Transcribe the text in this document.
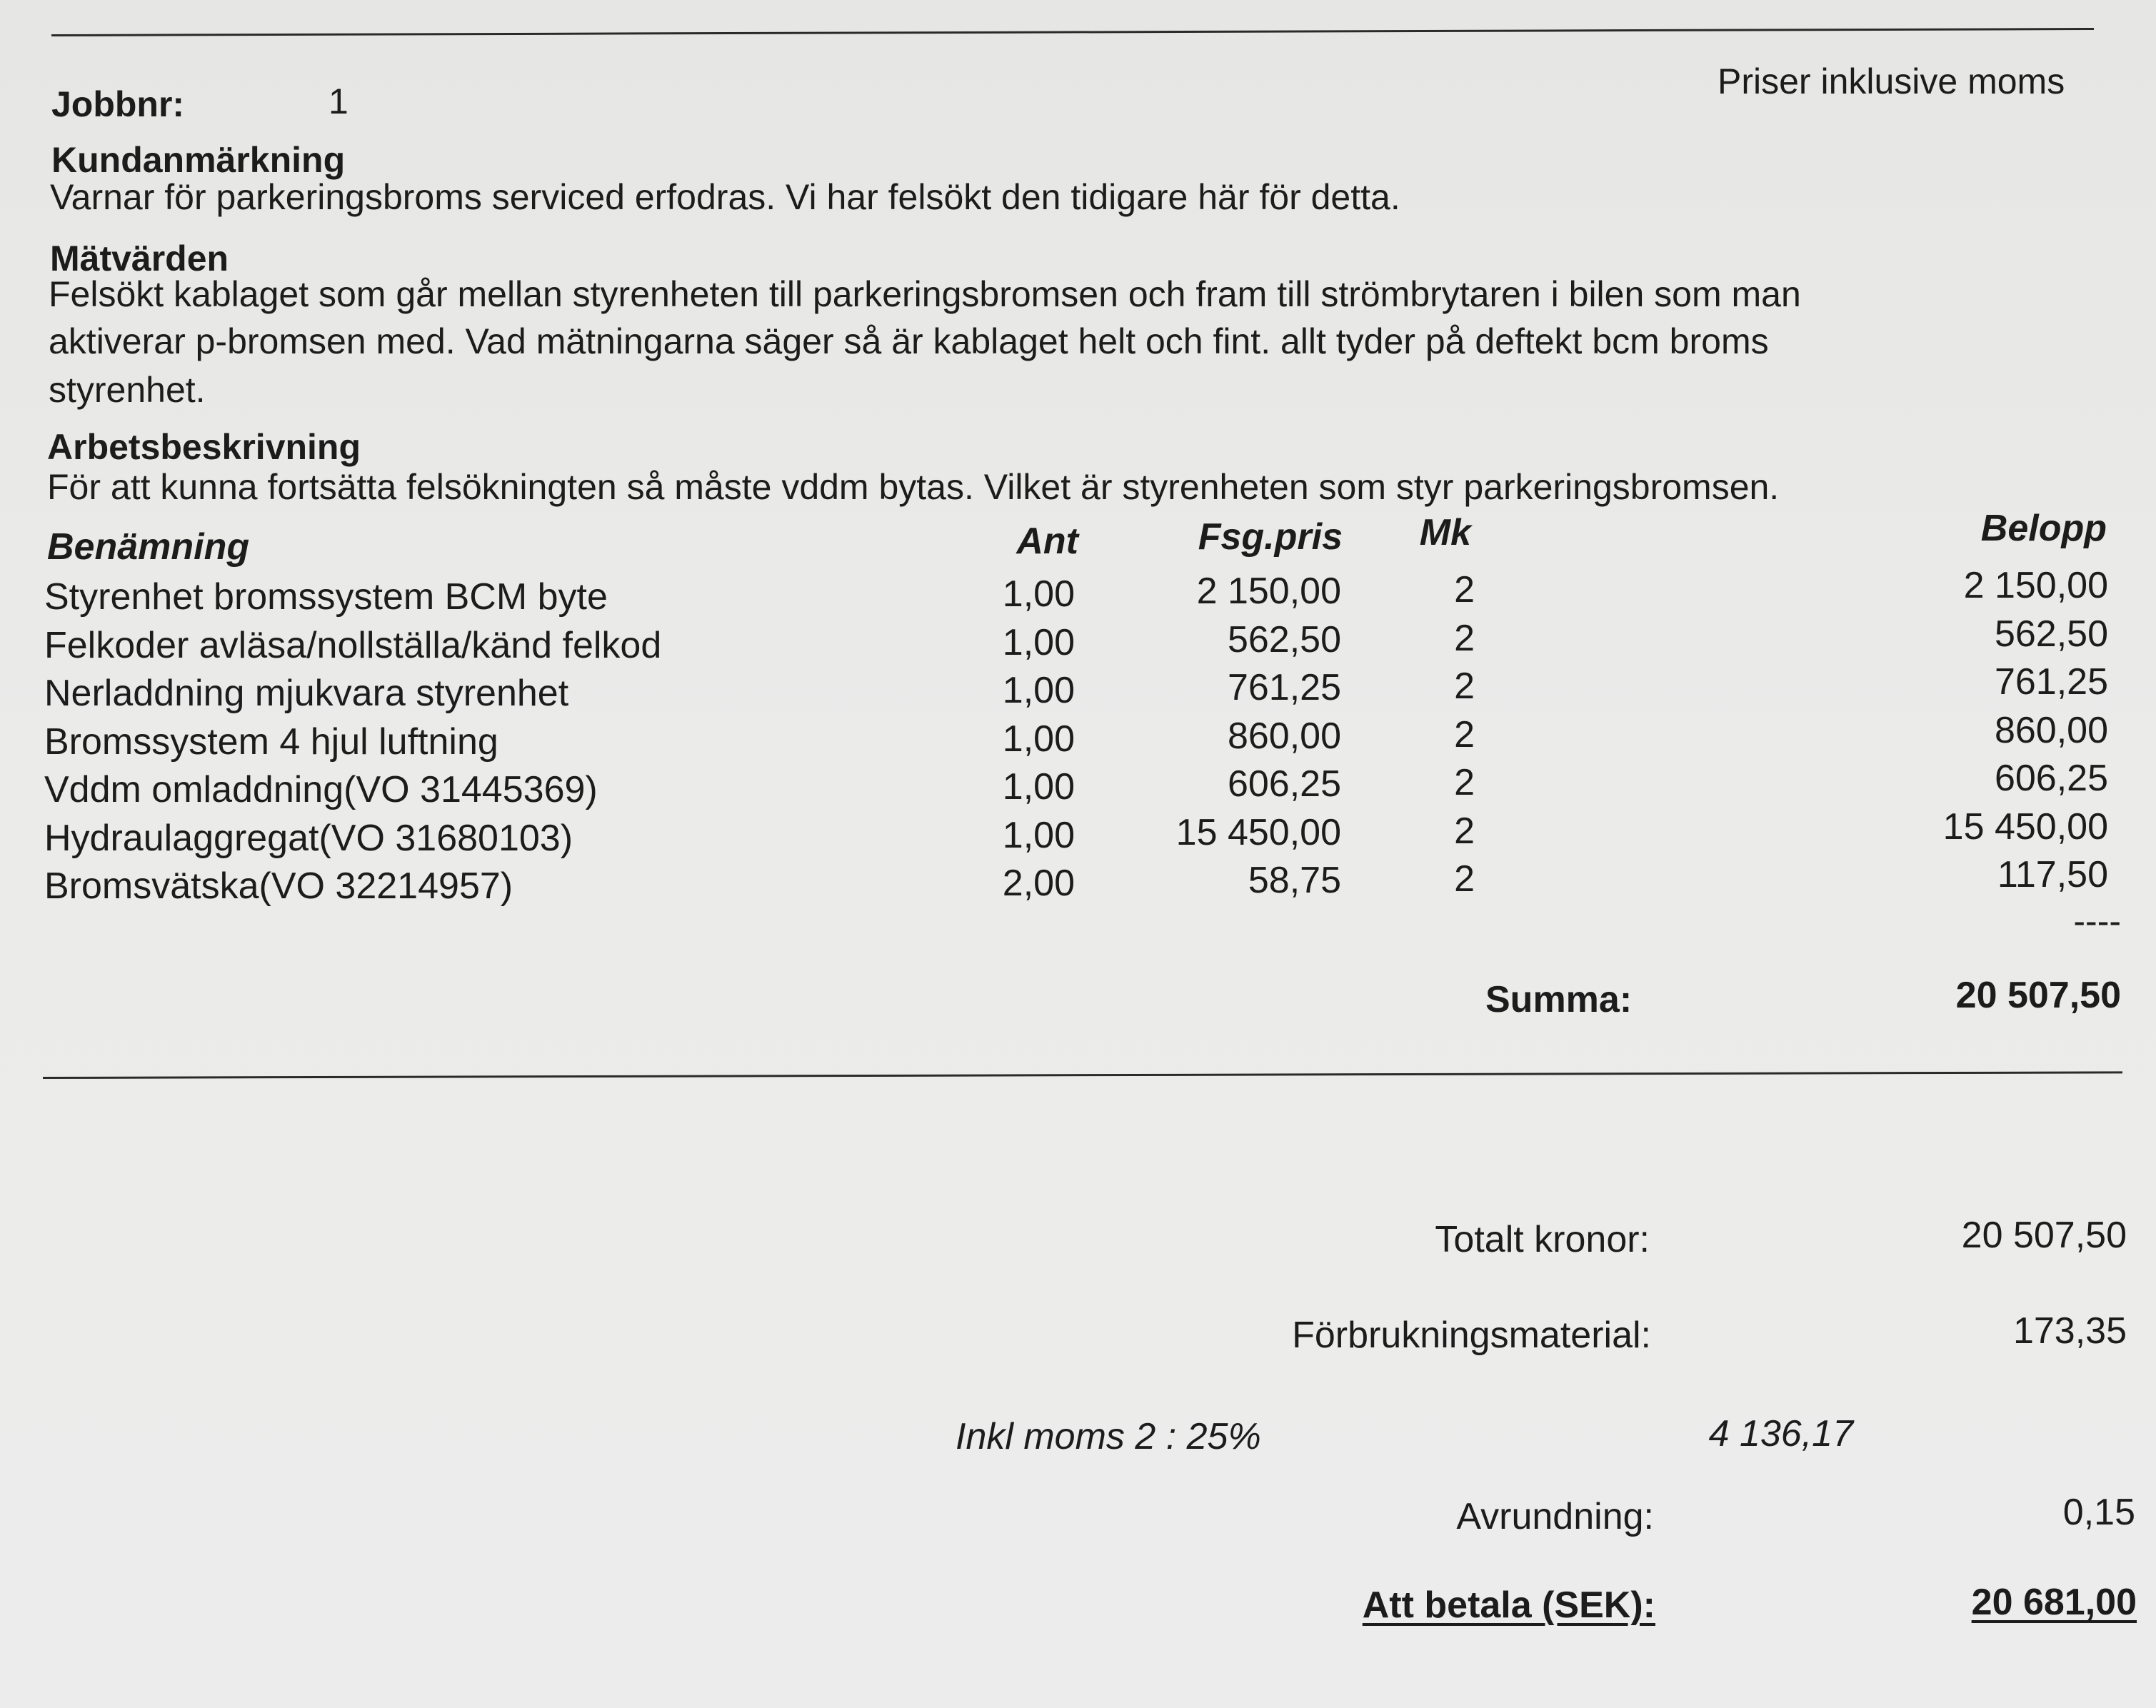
Jobbnr:	1	Priser inklusive moms
Kundanmärkning
Varnar för parkeringsbroms serviced erfodras. Vi har felsökt den tidigare här för detta.
Mätvärden
Felsökt kablaget som går mellan styrenheten till parkeringsbromsen och fram till strömbrytaren i bilen som man
aktiverar p-bromsen med. Vad mätningarna säger så är kablaget helt och fint. allt tyder på deftekt bcm broms
styrenhet.
Arbetsbeskrivning
För att kunna fortsätta felsökningten så måste vddm bytas. Vilket är styrenheten som styr parkeringsbromsen.
Benämning	Ant	Fsg.pris	Mk	Belopp
Styrenhet bromssystem BCM byte	1,00	2 150,00	2	2 150,00
Felkoder avläsa/nollställa/känd felkod	1,00	562,50	2	562,50
Nerladdning mjukvara styrenhet	1,00	761,25	2	761,25
Bromssystem 4 hjul luftning	1,00	860,00	2	860,00
Vddm omladdning(VO 31445369)	1,00	606,25	2	606,25
Hydraulaggregat(VO 31680103)	1,00	15 450,00	2	15 450,00
Bromsvätska(VO 32214957)	2,00	58,75	2	117,50
----
Summa:	20 507,50
Totalt kronor:	20 507,50
Förbrukningsmaterial:	173,35
Inkl moms 2 : 25%	4 136,17
Avrundning:	0,15
Att betala (SEK):	20 681,00
